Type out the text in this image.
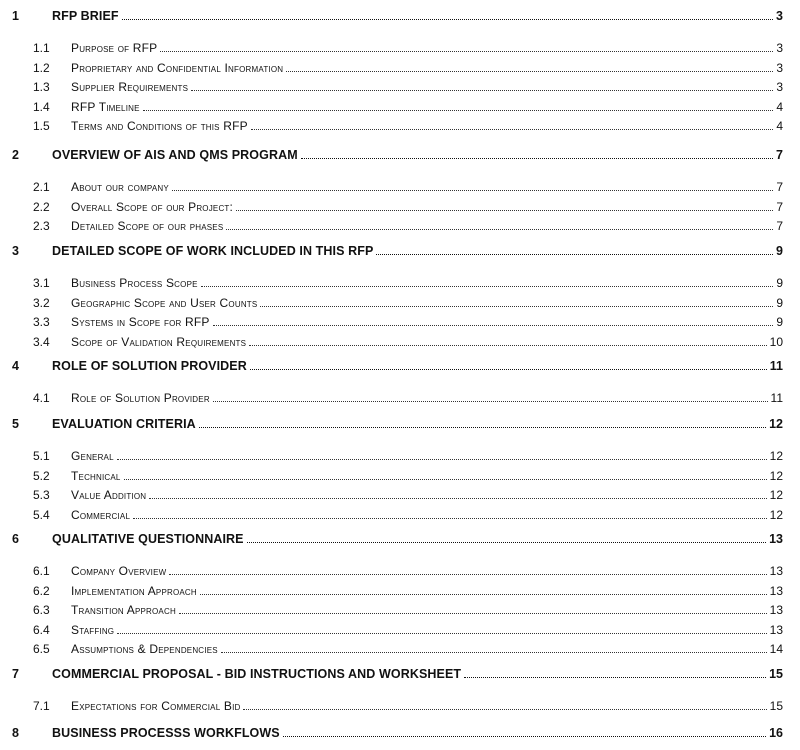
1	RFP BRIEF	3
1.1 Purpose of RFP	3
1.2 Proprietary and Confidential Information	3
1.3 Supplier Requirements	3
1.4 RFP Timeline	4
1.5 Terms and Conditions of this RFP	4
2	OVERVIEW OF AIS AND QMS PROGRAM	7
2.1 About our company	7
2.2 Overall Scope of our Project:	7
2.3 Detailed Scope of our phases	7
3	DETAILED SCOPE OF WORK INCLUDED IN THIS RFP	9
3.1 Business Process Scope	9
3.2 Geographic Scope and User Counts	9
3.3 Systems in Scope for RFP	9
3.4 Scope of Validation Requirements	10
4	ROLE OF SOLUTION PROVIDER	11
4.1 Role of Solution Provider	11
5	EVALUATION CRITERIA	12
5.1 General	12
5.2 Technical	12
5.3 Value Addition	12
5.4 Commercial	12
6	QUALITATIVE QUESTIONNAIRE	13
6.1 Company Overview	13
6.2 Implementation Approach	13
6.3 Transition Approach	13
6.4 Staffing	13
6.5 Assumptions & Dependencies	14
7	COMMERCIAL PROPOSAL - BID INSTRUCTIONS AND WORKSHEET	15
7.1 Expectations for Commercial Bid	15
8	BUSINESS PROCESSS WORKFLOWS	16
